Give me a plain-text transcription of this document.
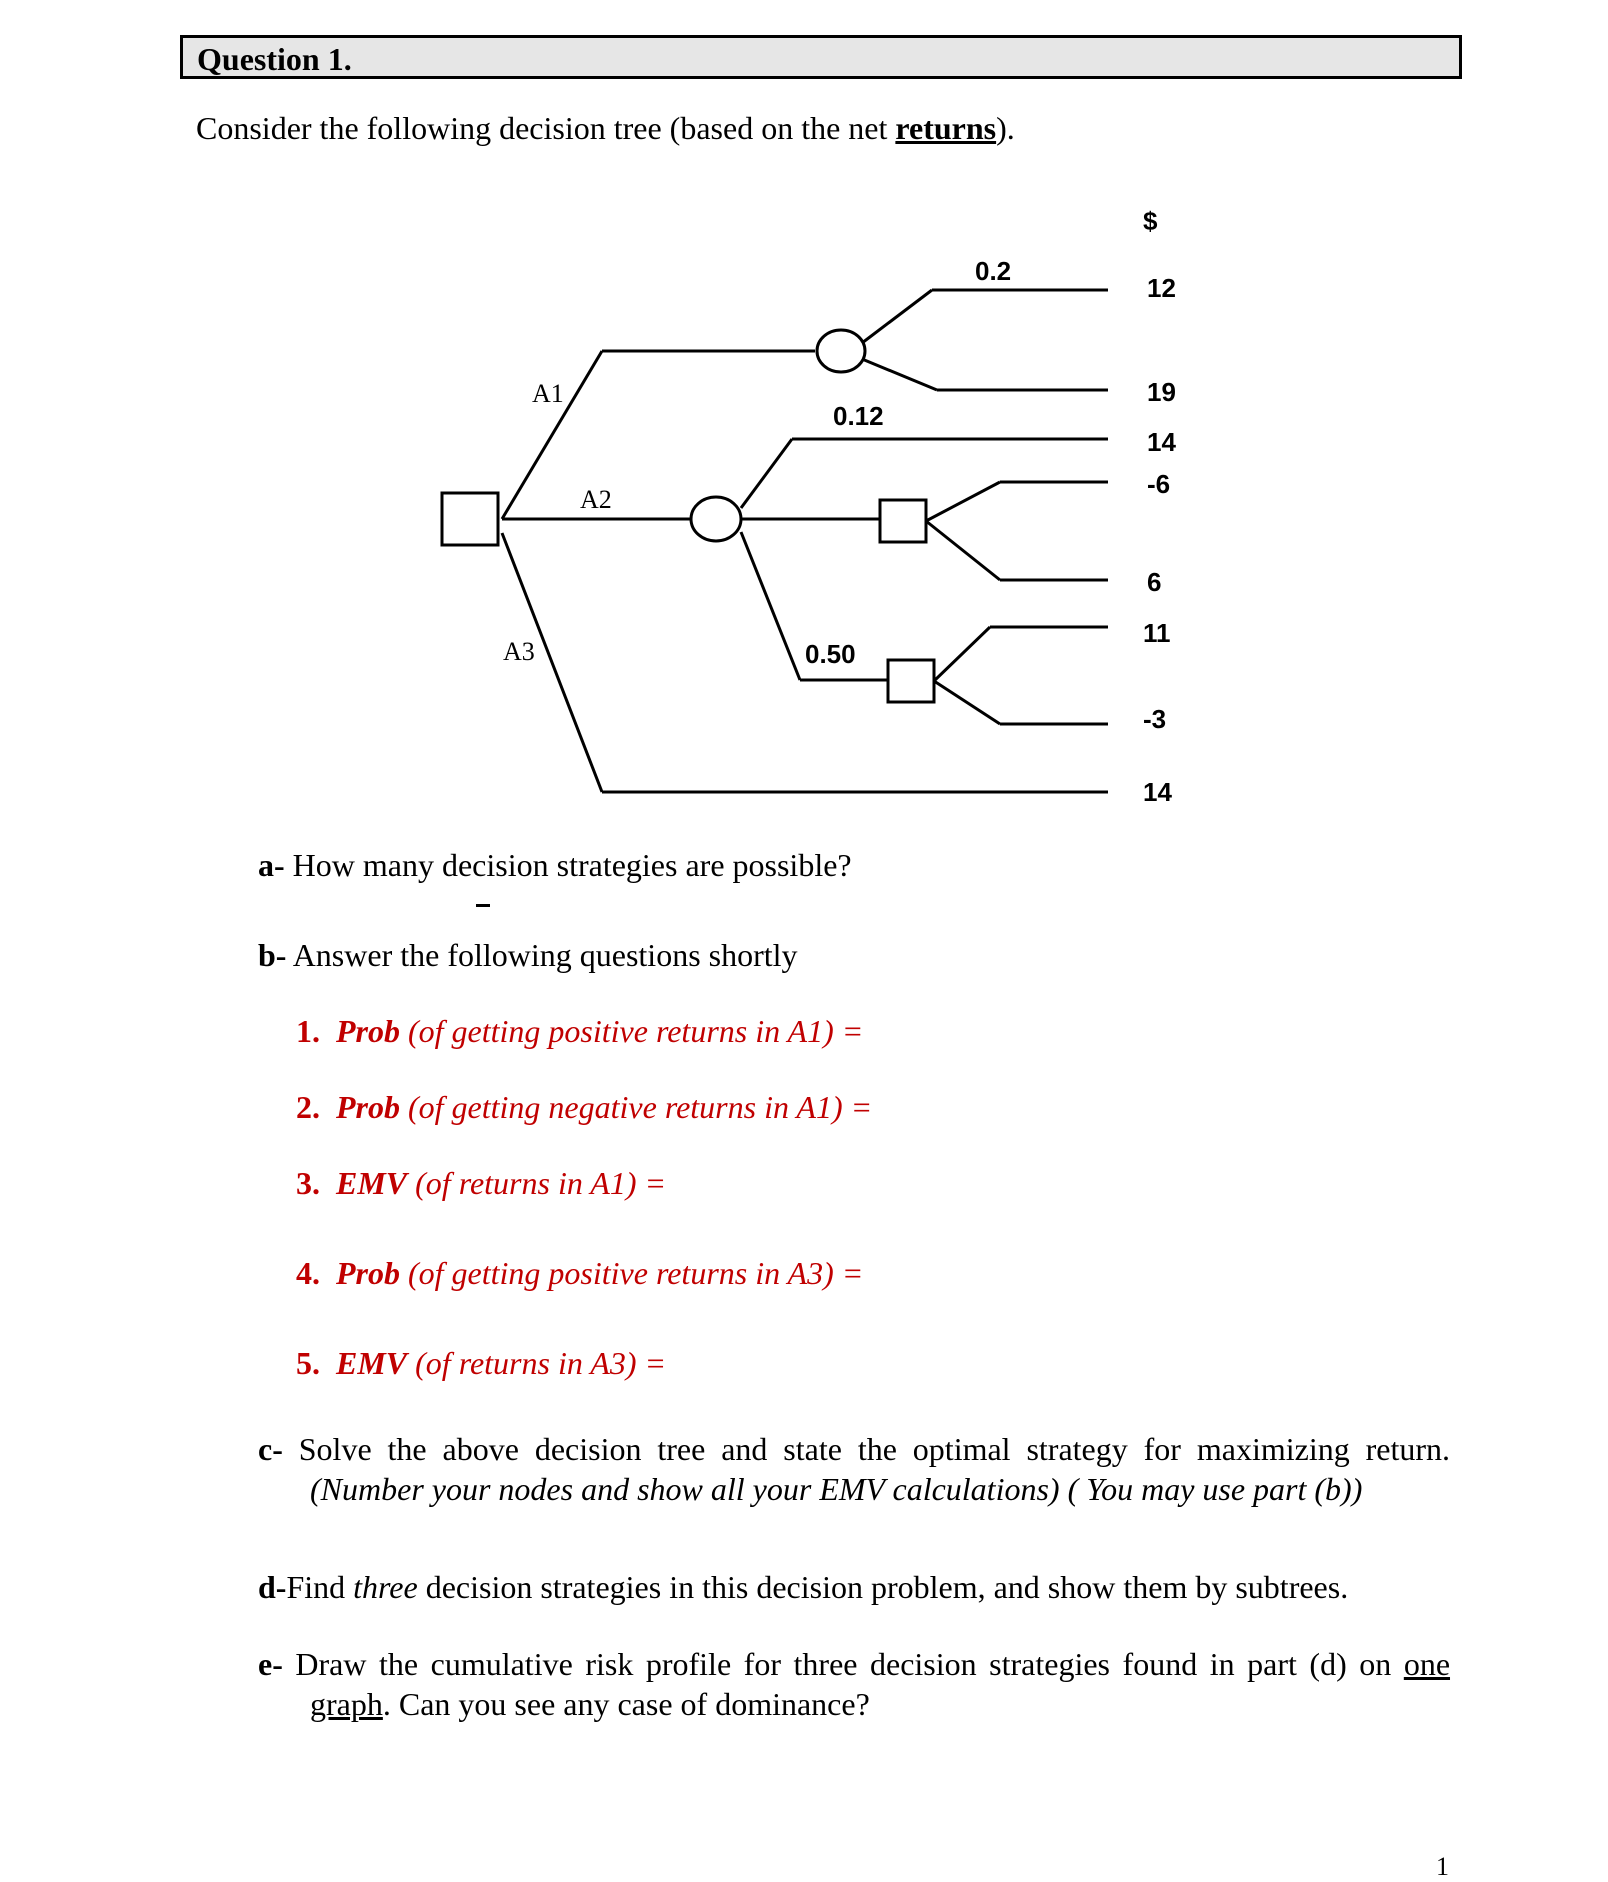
Question 1.
Consider the following decision tree (based on the net returns).
A1
A2
A3
0.2
0.12
0.50
$
12
19
14
-6
6
11
-3
14
a- How many decision strategies are possible?
b- Answer the following questions shortly
1. Prob (of getting positive returns in A1) =
2. Prob (of getting negative returns in A1) =
3. EMV (of returns in A1) =
4. Prob (of getting positive returns in A3) =
5. EMV (of returns in A3) =
c- Solve the above decision tree and state the optimal strategy for maximizing return.
(Number your nodes and show all your EMV calculations) ( You may use part (b))
d-Find three decision strategies in this decision problem, and show them by subtrees.
e- Draw the cumulative risk profile for three decision strategies found in part (d) on one
graph. Can you see any case of dominance?
1
